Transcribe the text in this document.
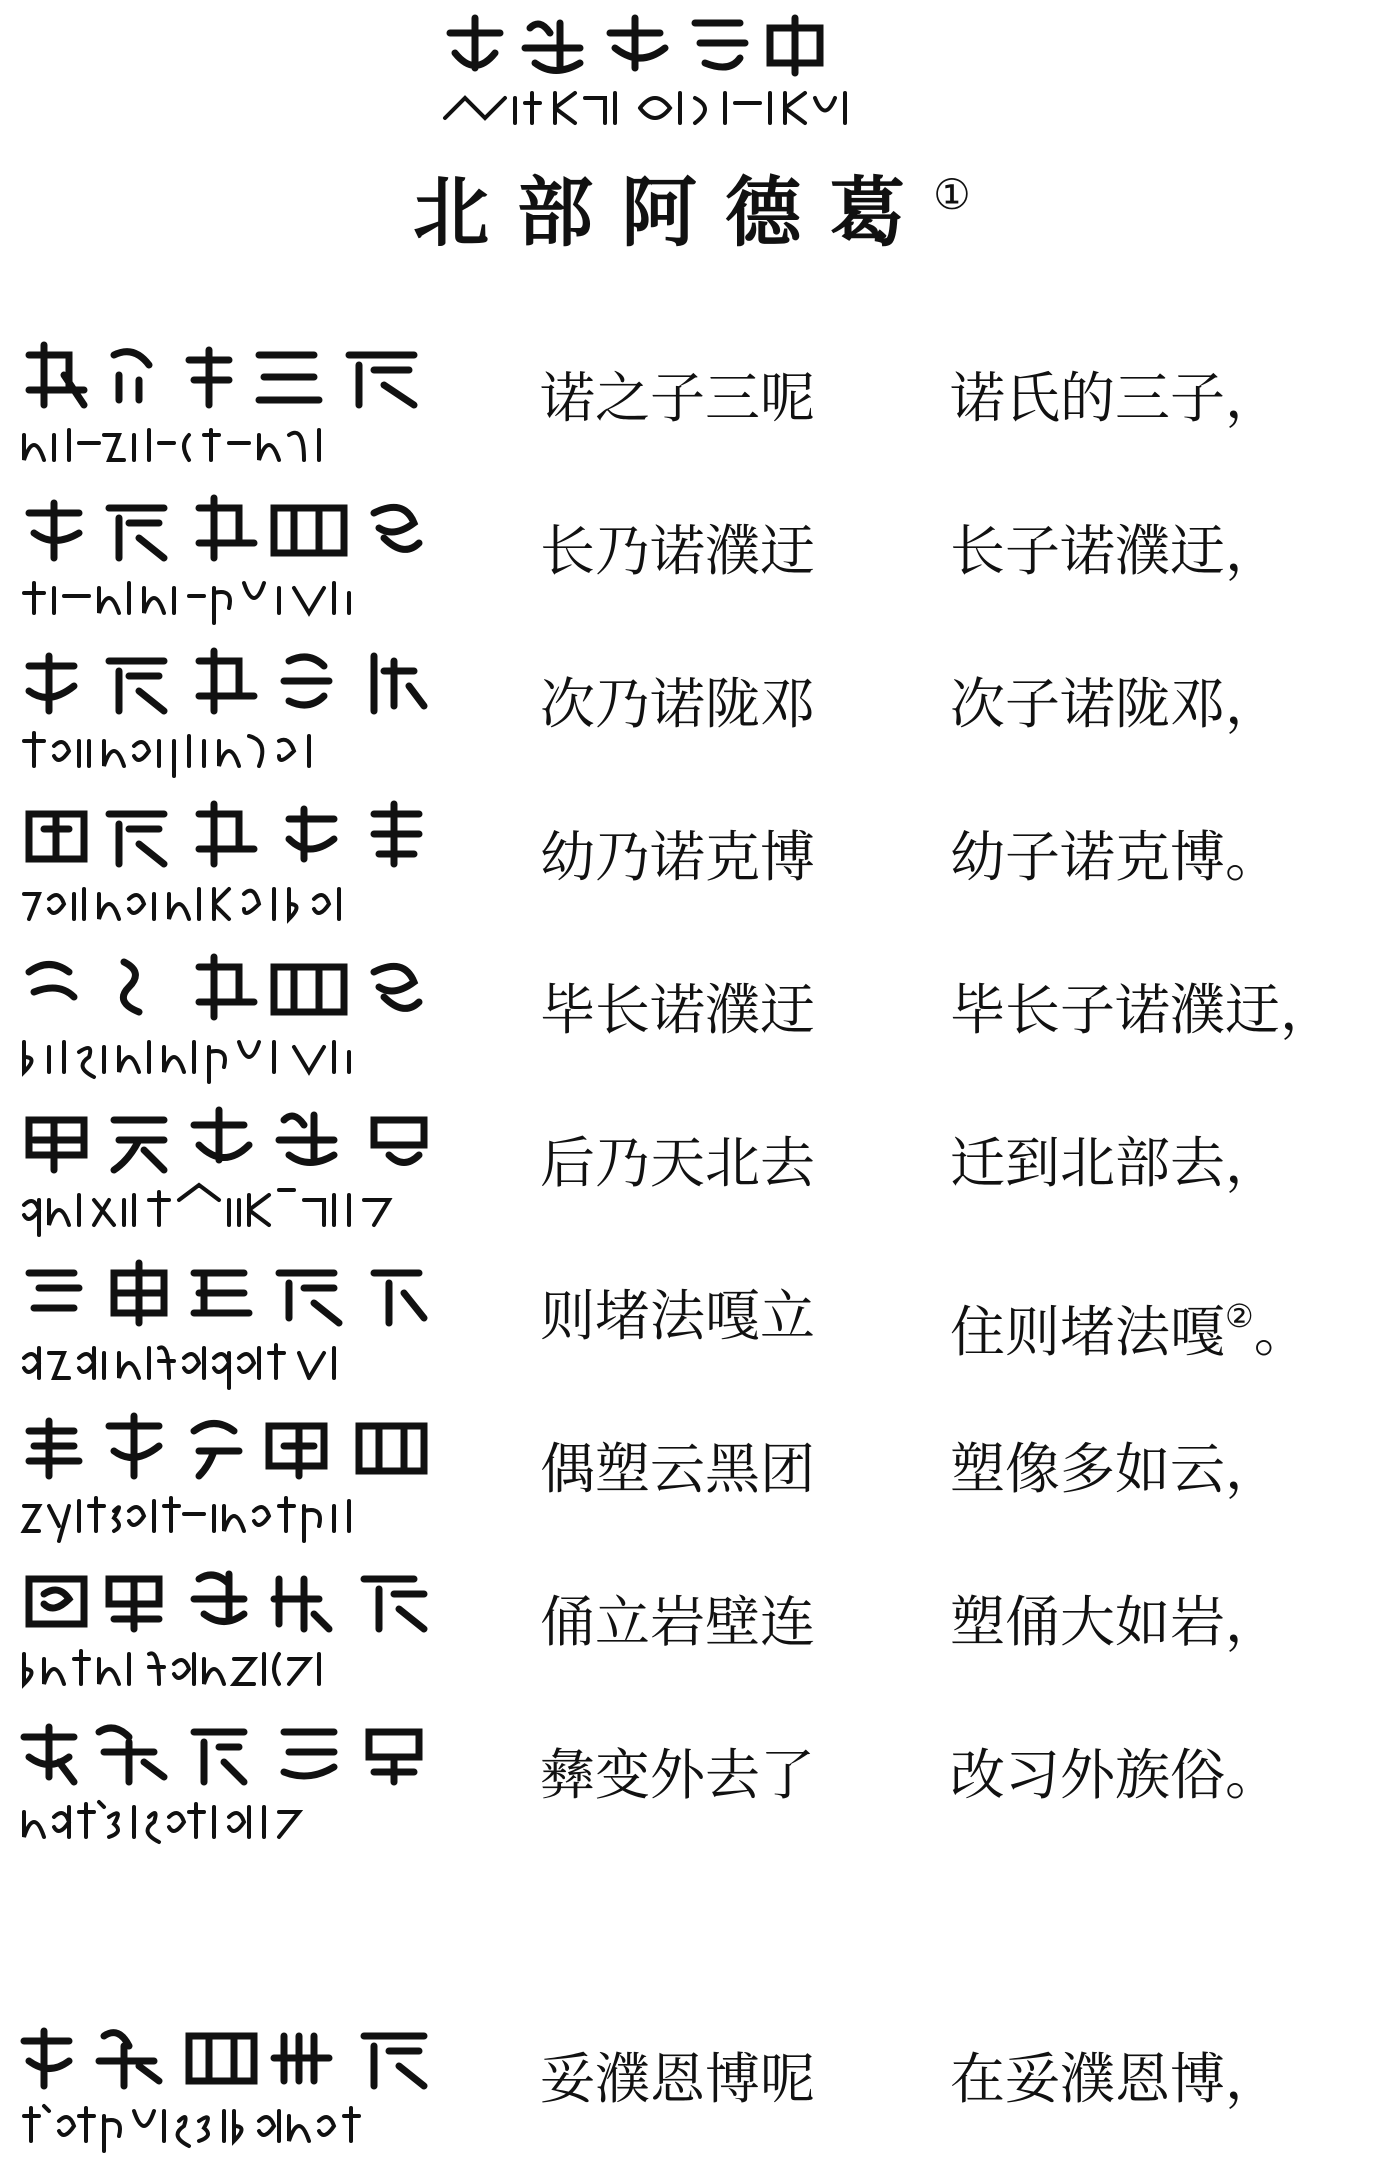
北部阿德葛①
诺之子三呢 诺氏的三子，
长乃诺濮迂 长子诺濮迂，
次乃诺陇邓 次子诺陇邓，
幼乃诺克博 幼子诺克博。
毕长诺濮迂 毕长子诺濮迂，
后乃天北去 迁到北部去，
则堵法嘎立 住则堵法嘎②。
偶塑云黑团 塑像多如云，
俑立岩壁连 塑俑大如岩，
彝变外去了 改习外族俗。
妥濮恩博呢 在妥濮恩博，
